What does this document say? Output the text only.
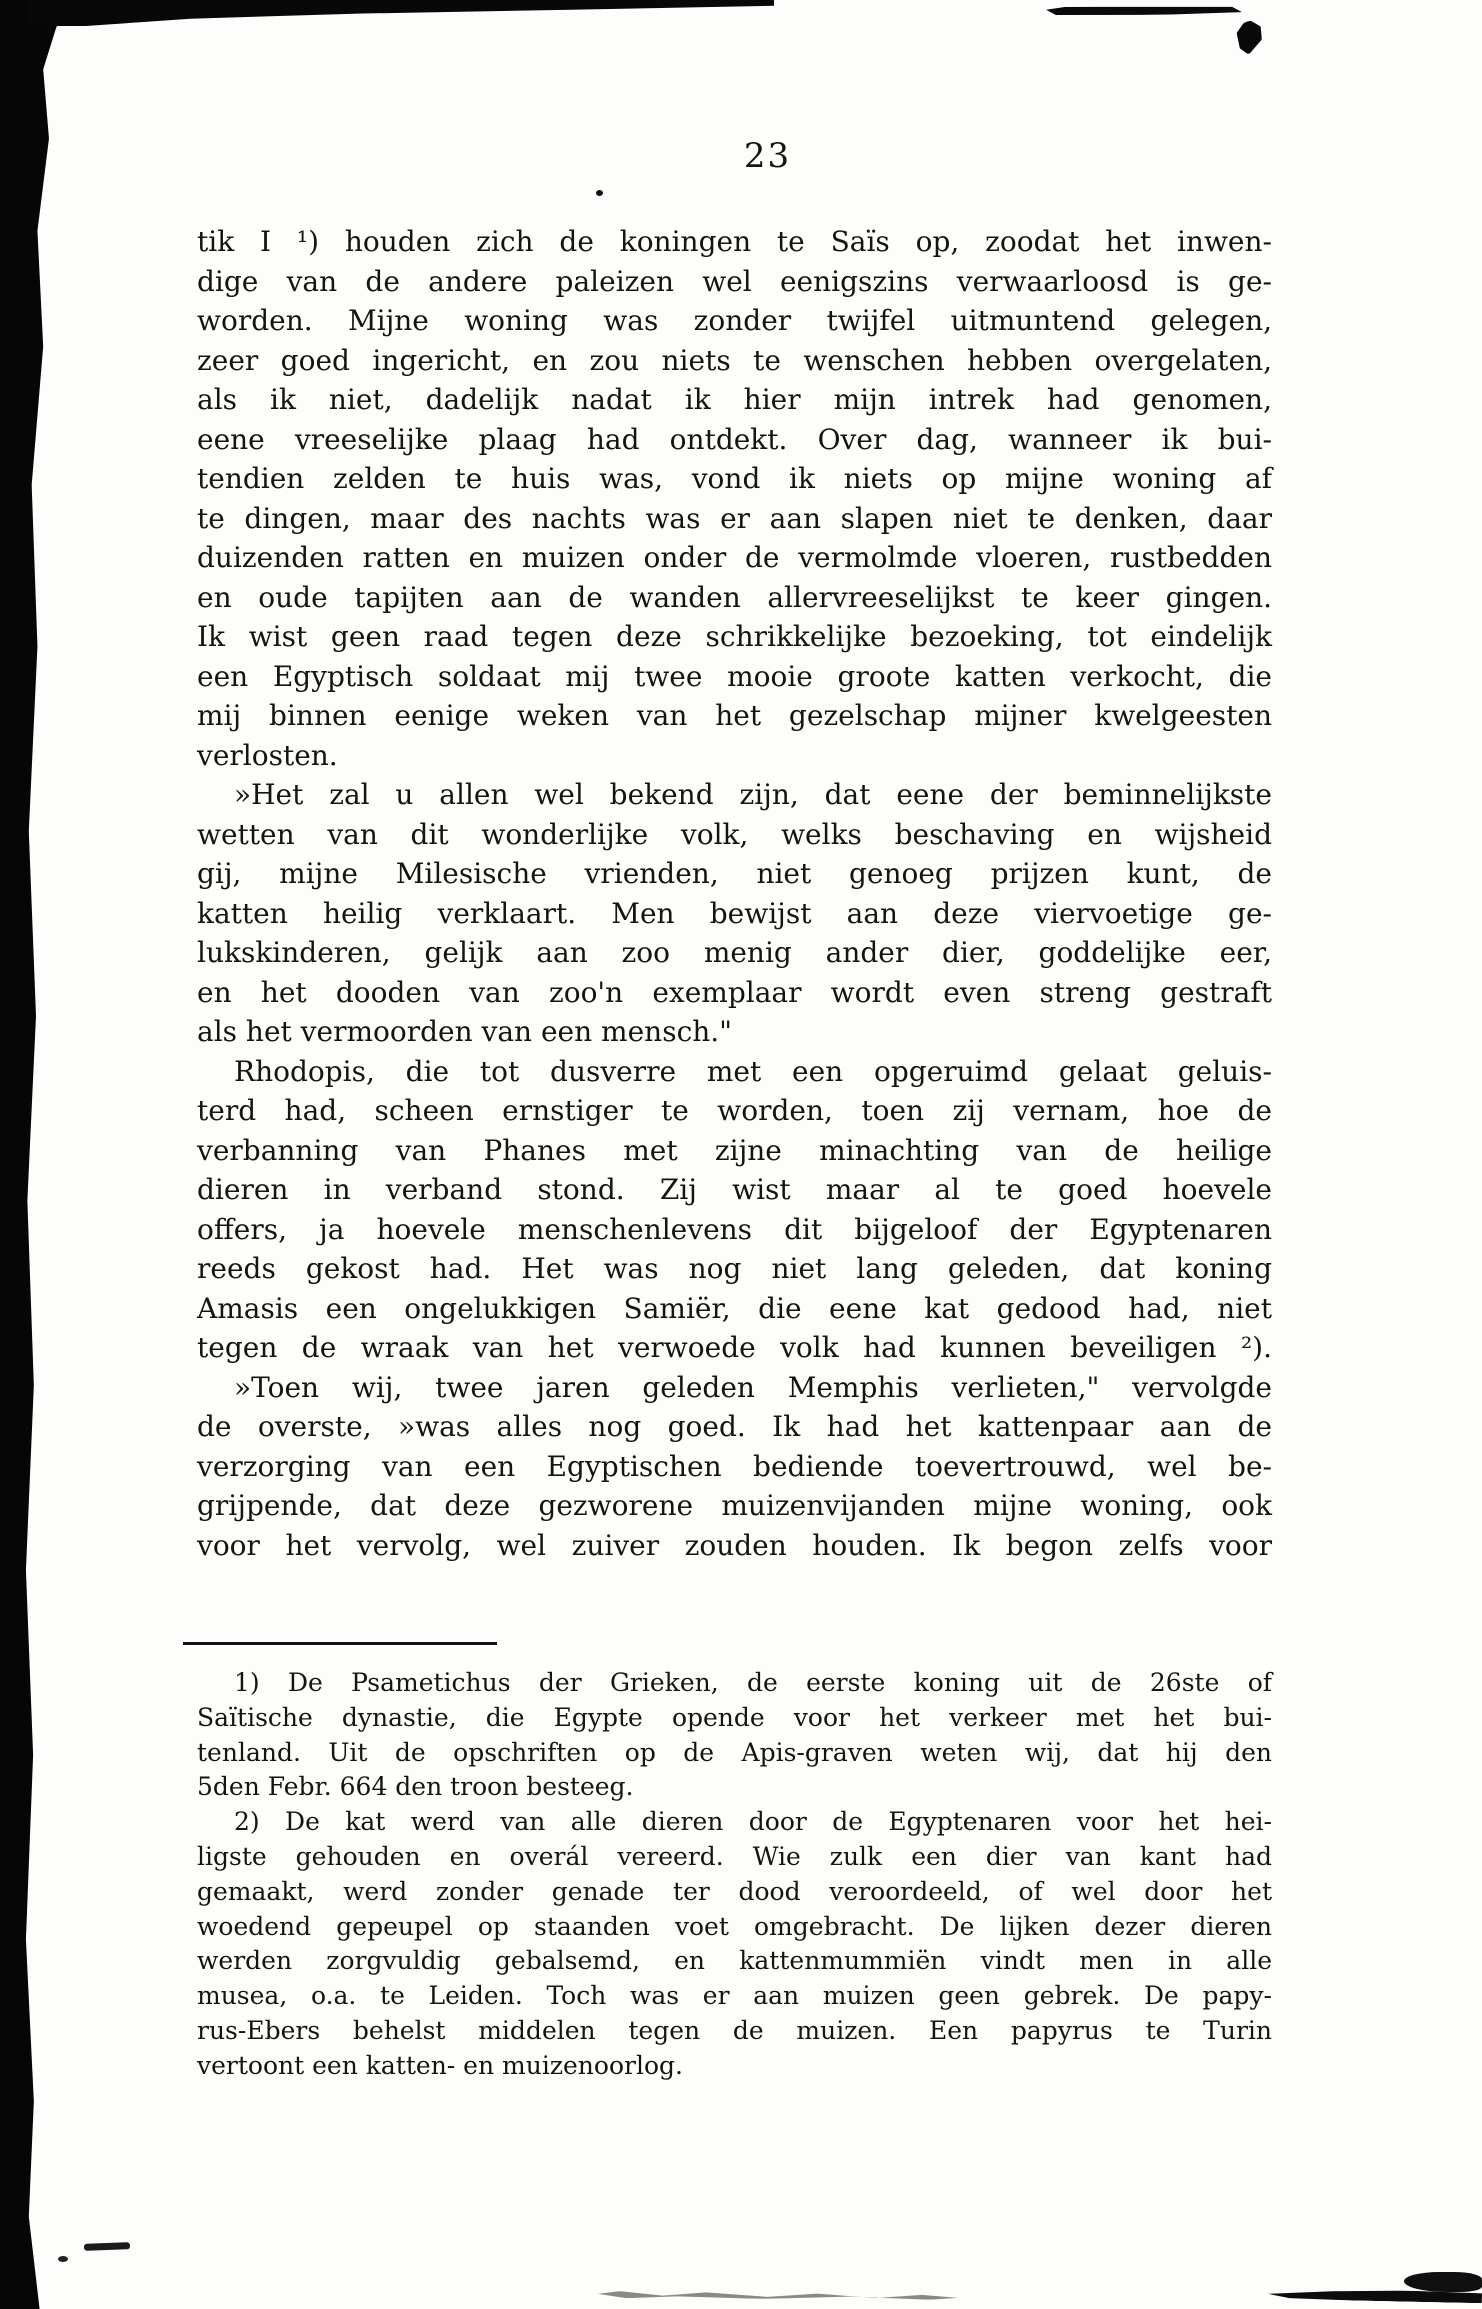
23
tik I ¹) houden zich de koningen te Saïs op, zoodat het inwen-
dige van de andere paleizen wel eenigszins verwaarloosd is ge-
worden. Mijne woning was zonder twijfel uitmuntend gelegen,
zeer goed ingericht, en zou niets te wenschen hebben overgelaten,
als ik niet, dadelijk nadat ik hier mijn intrek had genomen,
eene vreeselijke plaag had ontdekt. Over dag, wanneer ik bui-
tendien zelden te huis was, vond ik niets op mijne woning af
te dingen, maar des nachts was er aan slapen niet te denken, daar
duizenden ratten en muizen onder de vermolmde vloeren, rustbedden
en oude tapijten aan de wanden allervreeselijkst te keer gingen.
Ik wist geen raad tegen deze schrikkelijke bezoeking, tot eindelijk
een Egyptisch soldaat mij twee mooie groote katten verkocht, die
mij binnen eenige weken van het gezelschap mijner kwelgeesten
verlosten.
»Het zal u allen wel bekend zijn, dat eene der beminnelijkste
wetten van dit wonderlijke volk, welks beschaving en wijsheid
gij, mijne Milesische vrienden, niet genoeg prijzen kunt, de
katten heilig verklaart. Men bewijst aan deze viervoetige ge-
lukskinderen, gelijk aan zoo menig ander dier, goddelijke eer,
en het dooden van zoo'n exemplaar wordt even streng gestraft
als het vermoorden van een mensch."
Rhodopis, die tot dusverre met een opgeruimd gelaat geluis-
terd had, scheen ernstiger te worden, toen zij vernam, hoe de
verbanning van Phanes met zijne minachting van de heilige
dieren in verband stond. Zij wist maar al te goed hoevele
offers, ja hoevele menschenlevens dit bijgeloof der Egyptenaren
reeds gekost had. Het was nog niet lang geleden, dat koning
Amasis een ongelukkigen Samiër, die eene kat gedood had, niet
tegen de wraak van het verwoede volk had kunnen beveiligen ²).
»Toen wij, twee jaren geleden Memphis verlieten," vervolgde
de overste, »was alles nog goed. Ik had het kattenpaar aan de
verzorging van een Egyptischen bediende toevertrouwd, wel be-
grijpende, dat deze gezworene muizenvijanden mijne woning, ook
voor het vervolg, wel zuiver zouden houden. Ik begon zelfs voor
1) De Psametichus der Grieken, de eerste koning uit de 26ste of
Saïtische dynastie, die Egypte opende voor het verkeer met het bui-
tenland. Uit de opschriften op de Apis-graven weten wij, dat hij den
5den Febr. 664 den troon besteeg.
2) De kat werd van alle dieren door de Egyptenaren voor het hei-
ligste gehouden en overál vereerd. Wie zulk een dier van kant had
gemaakt, werd zonder genade ter dood veroordeeld, of wel door het
woedend gepeupel op staanden voet omgebracht. De lijken dezer dieren
werden zorgvuldig gebalsemd, en kattenmummiën vindt men in alle
musea, o.a. te Leiden. Toch was er aan muizen geen gebrek. De papy-
rus-Ebers behelst middelen tegen de muizen. Een papyrus te Turin
vertoont een katten- en muizenoorlog.
